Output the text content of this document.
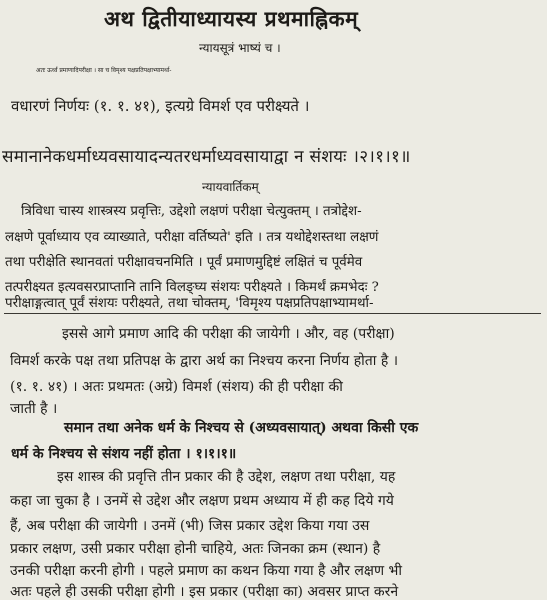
अथ द्वितीयाध्यायस्य प्रथमाह्निकम्
न्यायसूत्रं भाष्यं च ।
अतः ऊर्ध्वं प्रमाणादिपरीक्षा । सा च विमृश्य पक्षप्रतिपक्षाभ्यामर्था-
वधारणं निर्णयः (१. १. ४१), इत्यग्रे विमर्श एव परीक्ष्यते ।
समानानेकधर्माध्यवसायादन्यतरधर्माध्यवसायाद्वा न संशयः ।२।१।१॥
न्यायवार्तिकम्
त्रिविधा चास्य शास्त्रस्य प्रवृत्तिः, उद्देशो लक्षणं परीक्षा चेत्युक्तम् । तत्रोद्देश-
लक्षणे पूर्वाध्याय एव व्याख्याते, परीक्षा वर्तिष्यते' इति । तत्र यथोद्देशस्तथा लक्षणं
तथा परीक्षेति स्थानवतां परीक्षावचनमिति । पूर्वं प्रमाणमुद्दिष्टं लक्षितं च पूर्वमेव
तत्परीक्ष्यत इत्यवसरप्राप्तानि तानि विलङ्घ्य संशयः परीक्ष्यते । किमर्थं क्रमभेदः ?
परीक्षाङ्गत्वात् पूर्वं संशयः परीक्ष्यते, तथा चोक्तम्, 'विमृश्य पक्षप्रतिपक्षाभ्यामर्था-
इससे आगे प्रमाण आदि की परीक्षा की जायेगी । और, वह (परीक्षा)
विमर्श करके पक्ष तथा प्रतिपक्ष के द्वारा अर्थ का निश्चय करना निर्णय होता है ।
(१. १. ४१) । अतः प्रथमतः (अग्रे) विमर्श (संशय) की ही परीक्षा की
जाती है ।
समान तथा अनेक धर्म के निश्चय से (अध्यवसायात्) अथवा किसी एक
धर्म के निश्चय से संशय नहीं होता । १।१।१॥
इस शास्त्र की प्रवृत्ति तीन प्रकार की है उद्देश, लक्षण तथा परीक्षा, यह
कहा जा चुका है । उनमें से उद्देश और लक्षण प्रथम अध्याय में ही कह दिये गये
हैं, अब परीक्षा की जायेगी । उनमें (भी) जिस प्रकार उद्देश किया गया उस
प्रकार लक्षण, उसी प्रकार परीक्षा होनी चाहिये, अतः जिनका क्रम (स्थान) है
उनकी परीक्षा करनी होगी । पहले प्रमाण का कथन किया गया है और लक्षण भी
अतः पहले ही उसकी परीक्षा होगी । इस प्रकार (परीक्षा का) अवसर प्राप्त करने
